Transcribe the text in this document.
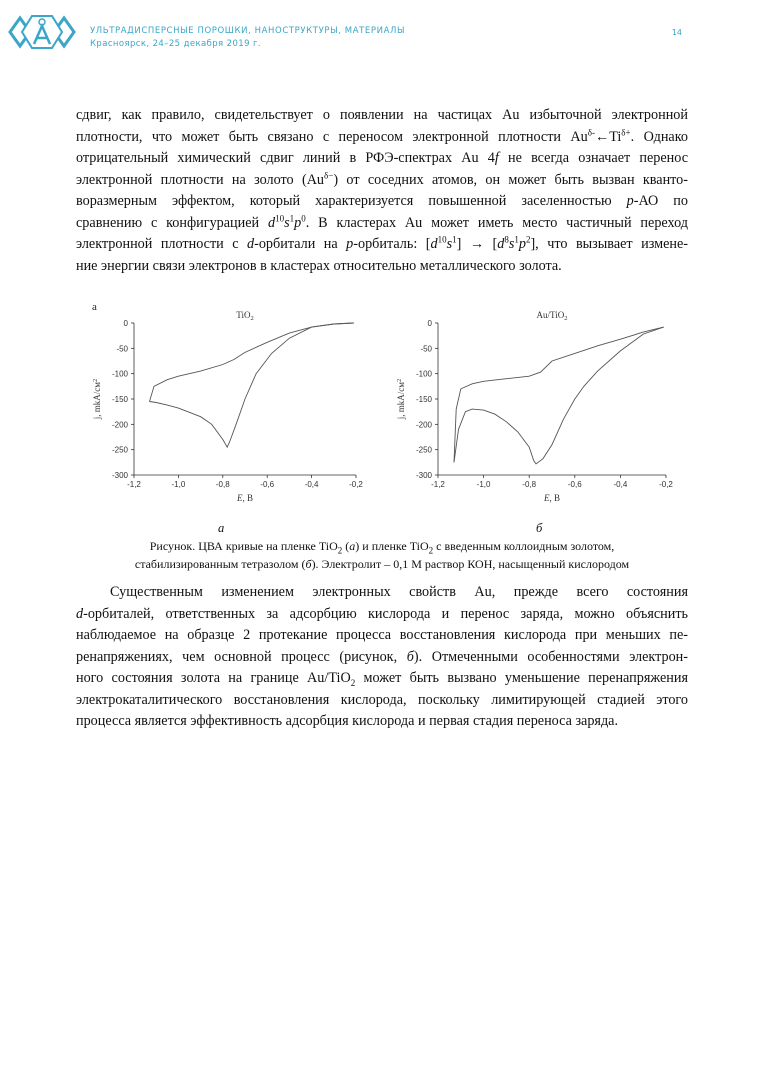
УЛЬТРАДИСПЕРСНЫЕ ПОРОШКИ, НАНОСТРУКТУРЫ, МАТЕРИАЛЫ
Красноярск, 24–25 декабря 2019 г.
14
сдвиг, как правило, свидетельствует о появлении на частицах Au избыточной электронной
плотности, что может быть связано с переносом электронной плотности $Au^{\delta-}\leftarrow Ti^{\delta+}$. Однако
отрицательный химический сдвиг линий в РФЭ-спектрах Au 4f не всегда означает перенос
электронной плотности на золото $(Au^{\delta-})$ от соседних атомов, он может быть вызван кванто-
воразмерным эффектом, который характеризуется повышенной заселенностью p-АО по
сравнению с конфигурацией $d^{10}s^1p^0$. В кластерах Au может иметь место частичный переход
электронной плотности с d-орбитали на p-орбиталь: $[d^{10}s^1] \to [d^8s^1p^2]$, что вызывает измене-
ние энергии связи электронов в кластерах относительно металлического золота.
-1,2	-1,0	-0,8	-0,6	-0,4	-0,2
0
-50
-100
-150
-200
-250
-300
TiO$_2$
E, В
j, mkA/$см^2$
a
-1,2	-1,0	-0,8	-0,6	-0,4	-0,2
0
-50
-100
-150
-200
-250
-300
Au/TiO$_2$
E, В
j, mkA/$см^2$
а	б
Рисунок. ЦВА кривые на пленке TiO$_2$ (а) и пленке TiO$_2$ с введенным коллоидным золотом,
стабилизированным тетразолом (б). Электролит – 0,1 М раствор КОН, насыщенный кислородом
Существенным изменением электронных свойств Au, прежде всего состояния
d-орбиталей, ответственных за адсорбцию кислорода и перенос заряда, можно объяснить
наблюдаемое на образце 2 протекание процесса восстановления кислорода при меньших пе-
ренапряжениях, чем основной процесс (рисунок, б). Отмеченными особенностями электрон-
ного состояния золота на границе Au/TiO$_2$ может быть вызвано уменьшение перенапряжения
электрокаталитического восстановления кислорода, поскольку лимитирующей стадией этого
процесса является эффективность адсорбция кислорода и первая стадия переноса заряда.
